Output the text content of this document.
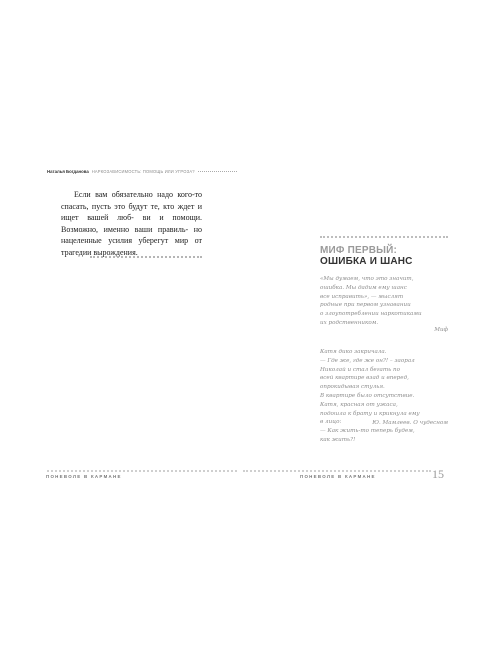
Наталья Богданова НАРКОЗАВИСИМОСТЬ: ПОМОЩЬ ИЛИ УГРОЗА?
Если вам обязательно надо кого-то спасать, пусть это будут те, кто ждет и ищет вашей люб- ви и помощи. Возможно, именно ваши правиль- но нацеленные усилия уберегут мир от трагедии вырождения.
ПОНЕВОЛЕ В КАРМАНЕ
МИФ ПЕРВЫЙ:
ОШИБКА И ШАНС
«Мы думаем, что это значит,
ошибка. Мы дадим ему шанс
все исправить», — мыслят
родные при первом узнавании
о злоупотреблении наркотиками
их родственником.
Миф
Катя дико закричала.
— Где же, где же он?! – заорал
Николай и стал бегать по
всей квартире взад и вперед,
опрокидывая стулья.
В квартире было отсутствие.
Катя, красная от ужаса,
подошла к брату и крикнула ему
в лицо:
— Как жить-то теперь будем,
как жить?!
Ю. Мамлеев. О чудесном
ПОНЕВОЛЕ В КАРМАНЕ	15
